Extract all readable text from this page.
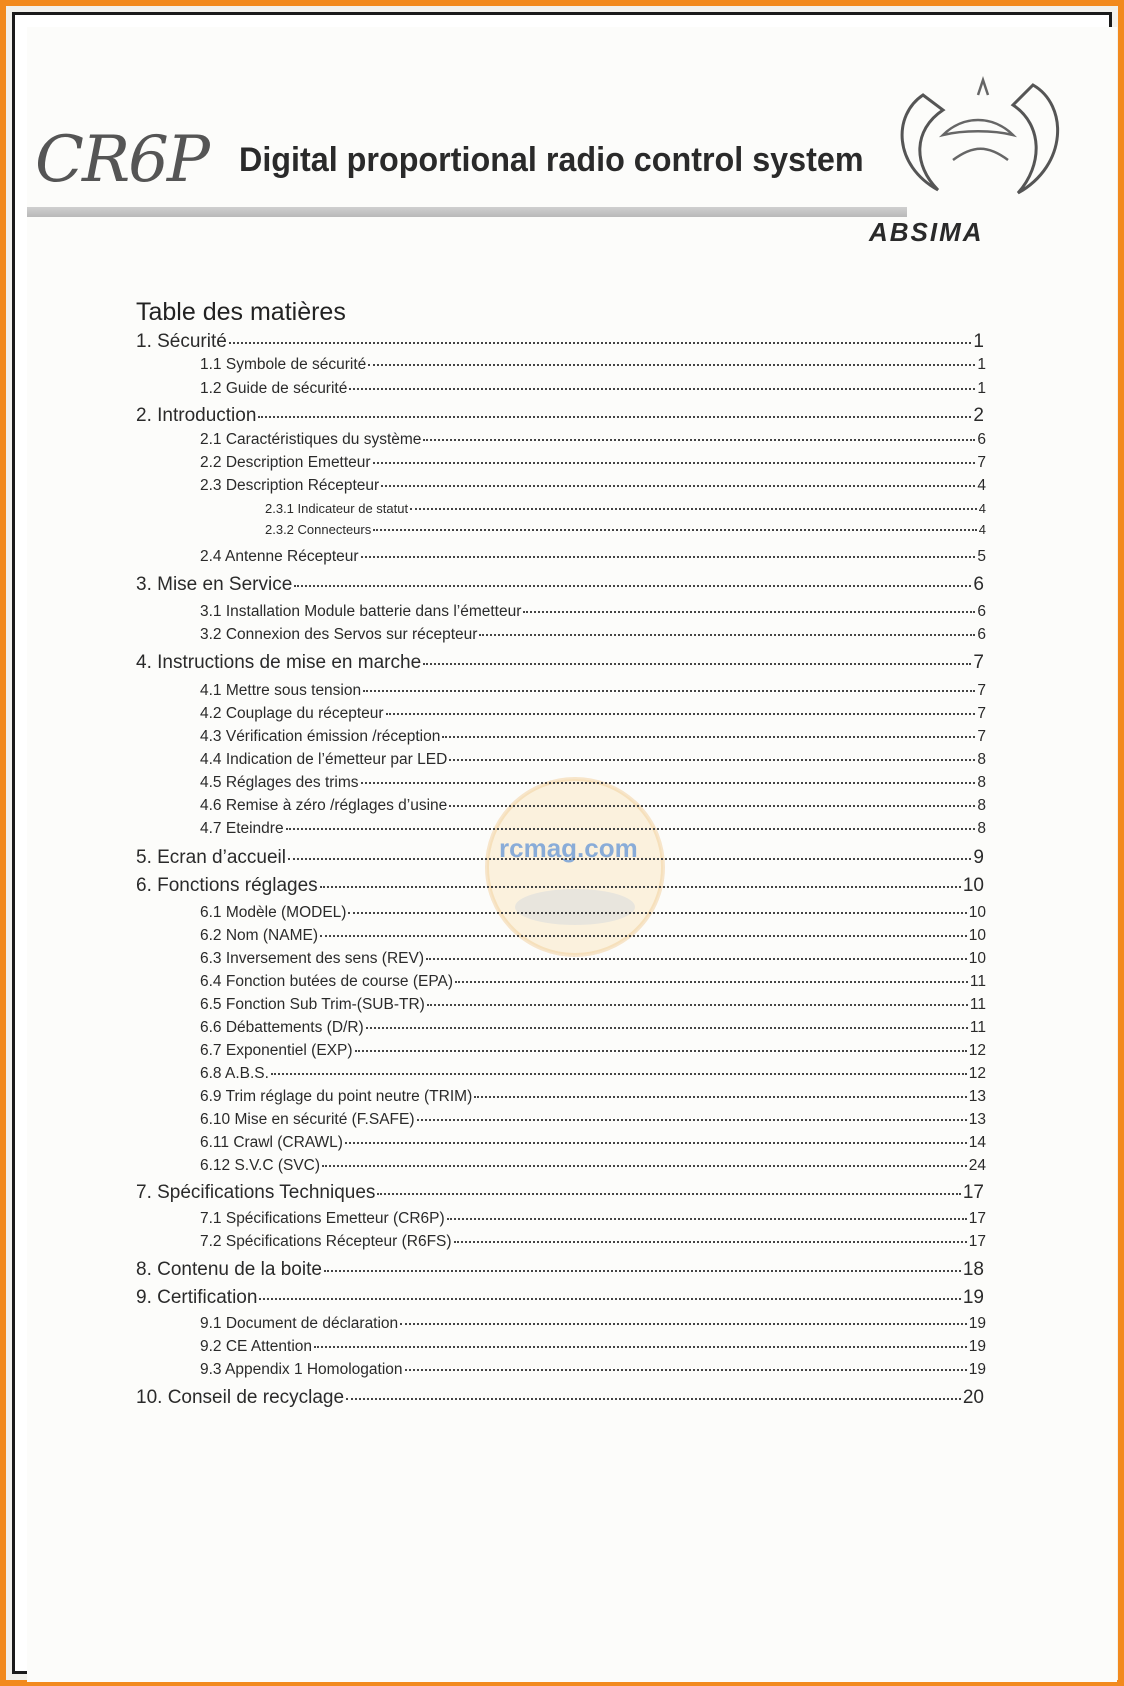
CR6P Digital proportional radio control system
ABSIMA
rcmag.com
Table des matières
1. Sécurité	1
1.1 Symbole de sécurité	1
1.2 Guide de sécurité	1
2. Introduction	2
2.1 Caractéristiques du système	6
2.2 Description Emetteur	7
2.3 Description Récepteur	4
2.3.1 Indicateur de statut	4
2.3.2 Connecteurs	4
2.4 Antenne Récepteur	5
3. Mise en Service	6
3.1 Installation Module batterie dans l’émetteur	6
3.2 Connexion des Servos sur récepteur	6
4. Instructions de mise en marche	7
4.1 Mettre sous tension	7
4.2 Couplage du récepteur	7
4.3 Vérification émission /réception	7
4.4 Indication de l’émetteur par LED	8
4.5 Réglages des trims	8
4.6 Remise à zéro /réglages d’usine	8
4.7 Eteindre	8
5. Ecran d’accueil	9
6. Fonctions réglages	10
6.1 Modèle (MODEL)	10
6.2 Nom (NAME)	10
6.3 Inversement des sens (REV)	10
6.4 Fonction butées de course (EPA)	11
6.5 Fonction Sub Trim-(SUB-TR)	11
6.6 Débattements (D/R)	11
6.7 Exponentiel (EXP)	12
6.8 A.B.S.	12
6.9 Trim réglage du point neutre (TRIM)	13
6.10 Mise en sécurité (F.SAFE)	13
6.11 Crawl (CRAWL)	14
6.12 S.V.C (SVC)	24
7. Spécifications Techniques	17
7.1 Spécifications Emetteur (CR6P)	17
7.2 Spécifications Récepteur (R6FS)	17
8. Contenu de la boite	18
9. Certification	19
9.1 Document de déclaration	19
9.2 CE Attention	19
9.3 Appendix 1 Homologation	19
10. Conseil de recyclage	20
